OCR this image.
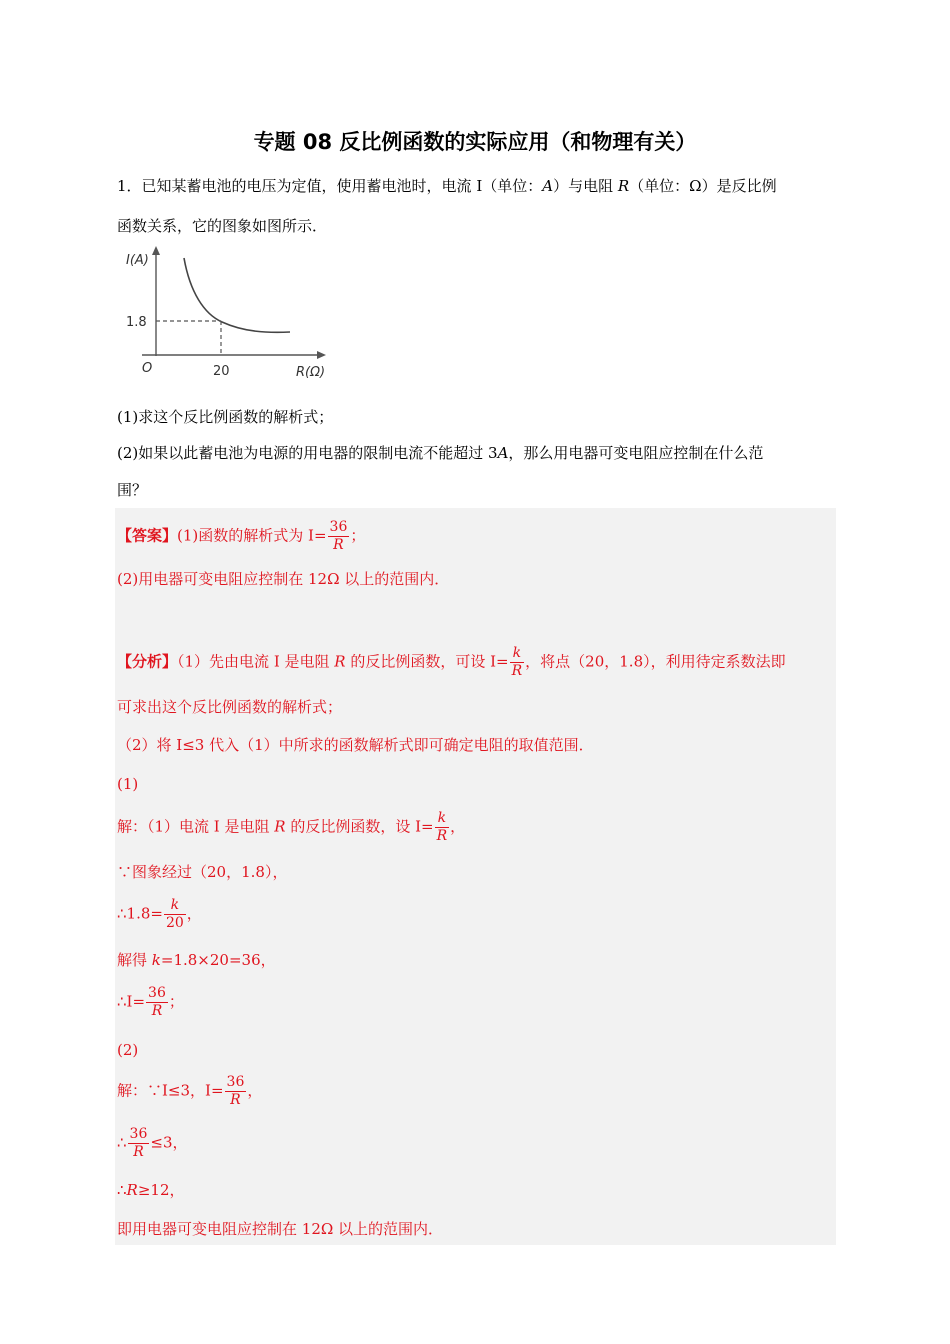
专题 08 反比例函数的实际应用（和物理有关）
1．已知某蓄电池的电压为定值，使用蓄电池时，电流 I（单位：A）与电阻 R（单位：Ω）是反比例
函数关系，它的图象如图所示．
I(A)
R(Ω)
O
1.8
20
(1)求这个反比例函数的解析式；
(2)如果以此蓄电池为电源的用电器的限制电流不能超过 3A，那么用电器可变电阻应控制在什么范
围？
【答案】(1)函数的解析式为 $I= \frac{36}{R}$ ；
(2)用电器可变电阻应控制在 12Ω 以上的范围内．
【分析】（1）先由电流 I 是电阻 R 的反比例函数，可设 $I= \frac{k}{R}$ ，将点（20，1.8），利用待定系数法即
可求出这个反比例函数的解析式；
（2）将 I≤3 代入（1）中所求的函数解析式即可确定电阻的取值范围．
(1)
解：（1）电流 I 是电阻 R 的反比例函数，设 $I= \frac{k}{R}$ ，
∵图象经过（20，1.8），
∴1.8= $\frac{k}{20}$ ，
解得 k=1.8×20=36，
∴I= $\frac{36}{R}$ ；
(2)
解：∵I≤3，$I= \frac{36}{R}$ ，
∴ $\frac{36}{R} \le 3$，
∴R≥12，
即用电器可变电阻应控制在 12Ω 以上的范围内．
